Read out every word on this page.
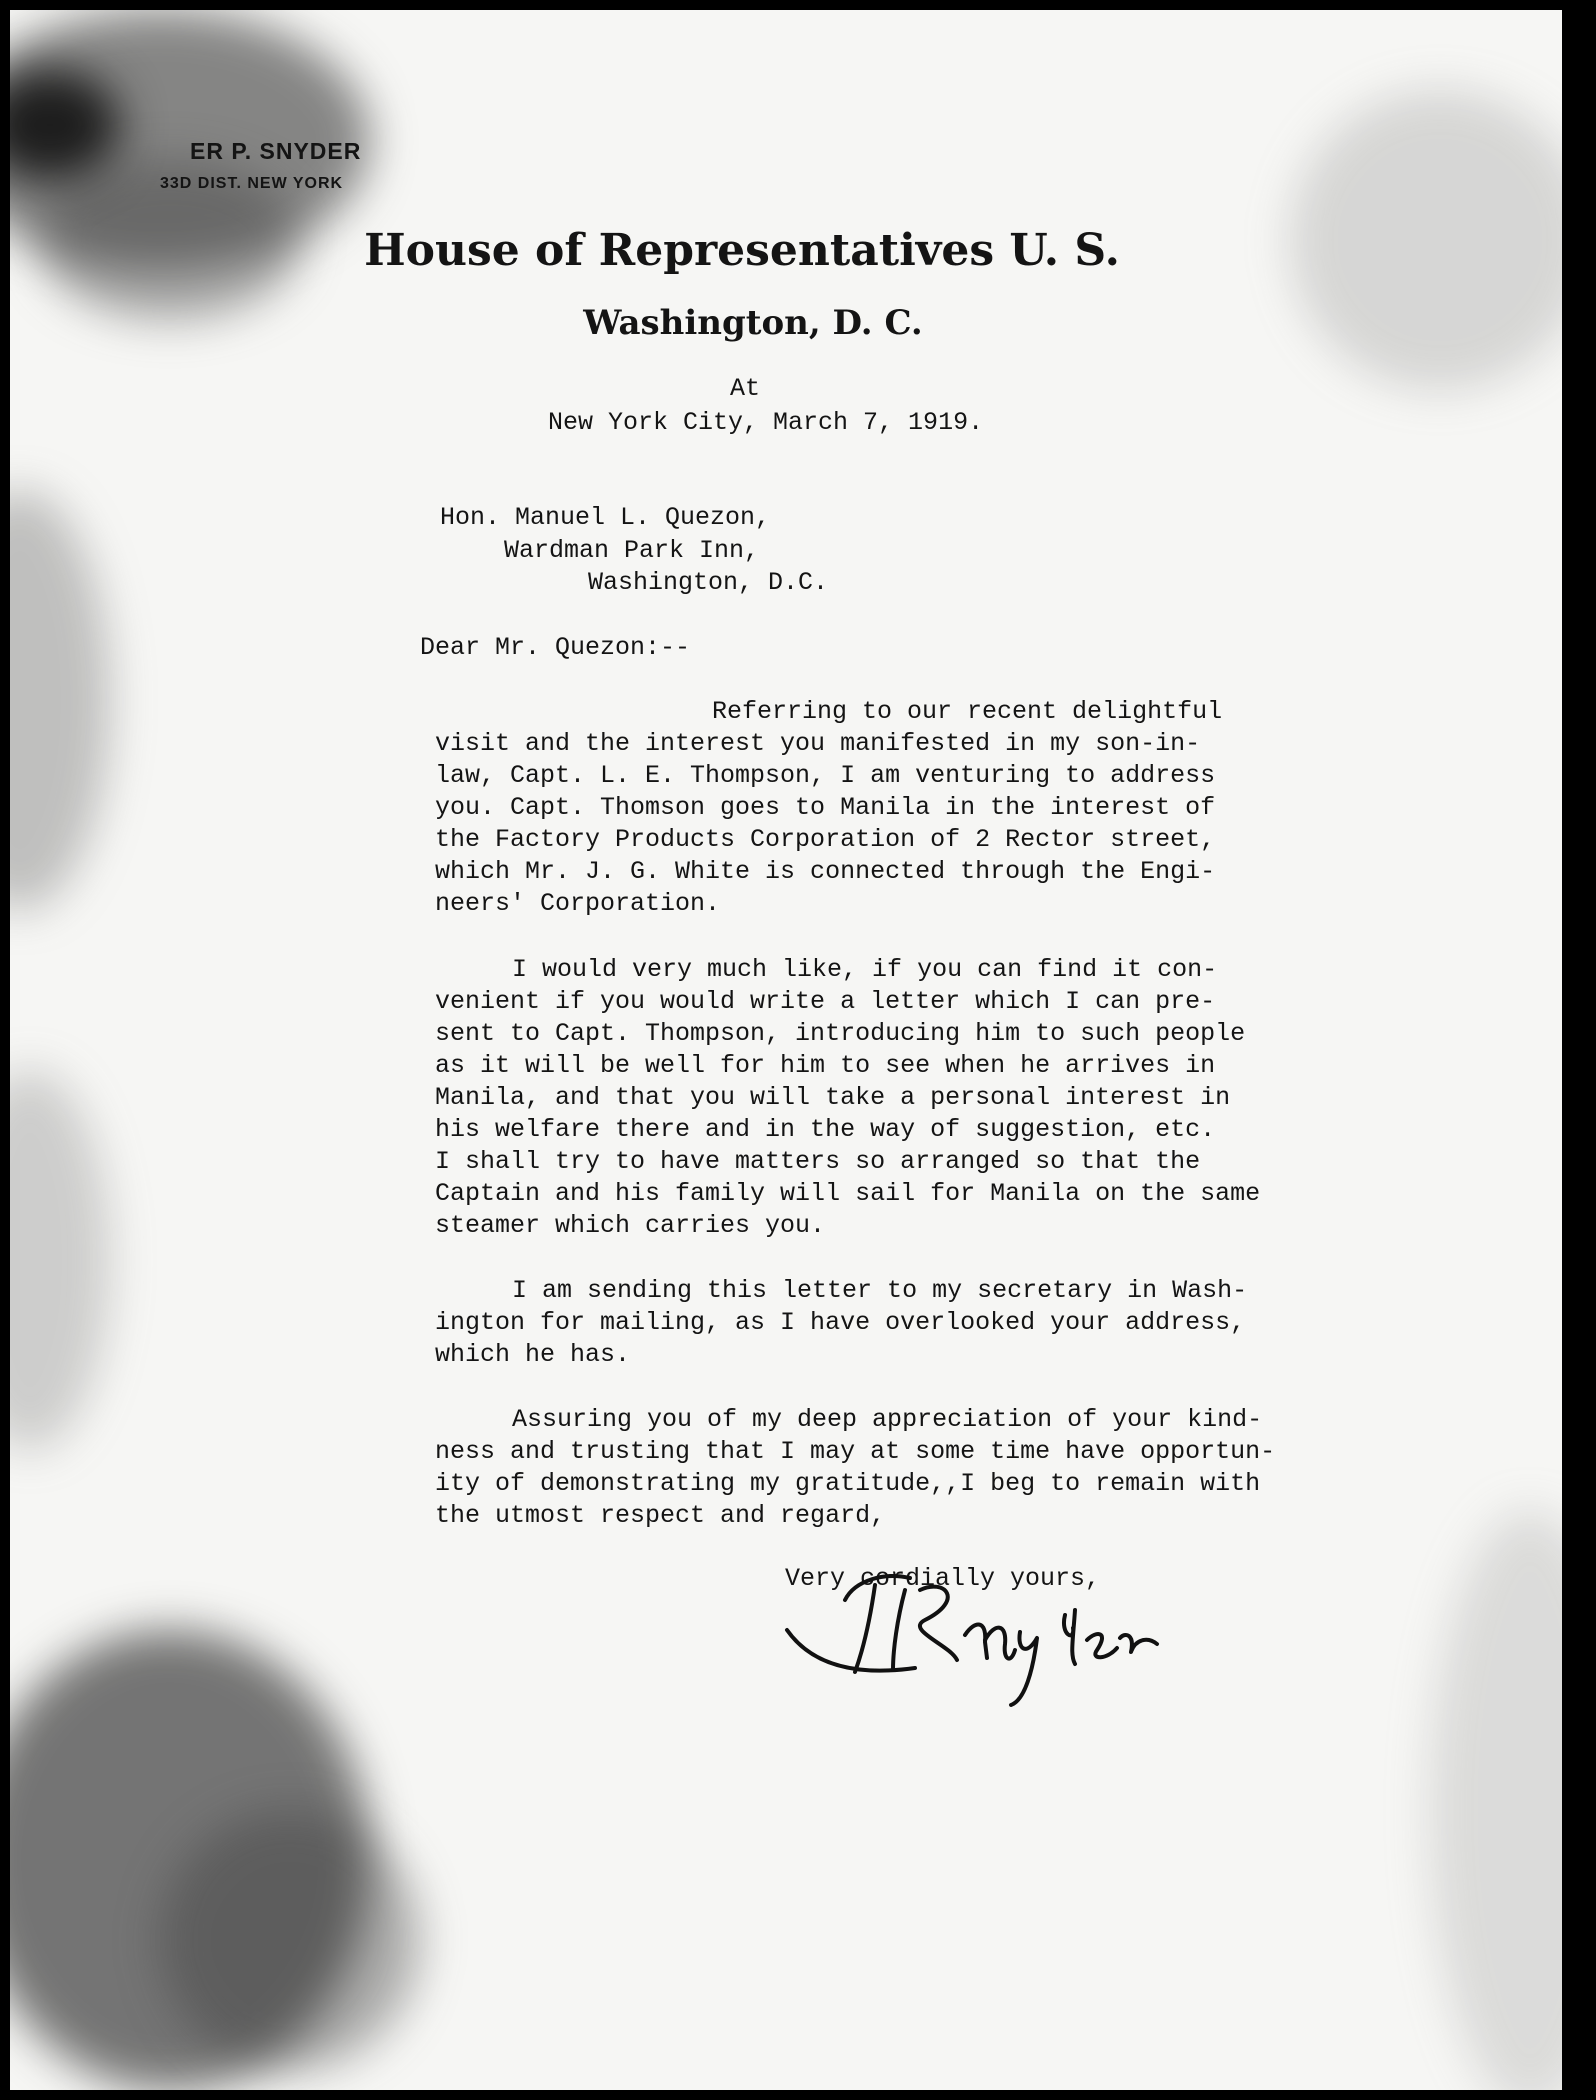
ER P. SNYDER
33D DIST. NEW YORK
House of Representatives U. S.
Washington, D. C.
At
New York City, March 7, 1919.
Hon. Manuel L. Quezon,
Wardman Park Inn,
Washington, D.C.
Dear Mr. Quezon:--
Referring to our recent delightful
visit and the interest you manifested in my son-in-
law, Capt. L. E. Thompson, I am venturing to address
you. Capt. Thomson goes to Manila in the interest of
the Factory Products Corporation of 2 Rector street,
which Mr. J. G. White is connected through the Engi-
neers' Corporation.
I would very much like, if you can find it con-
venient if you would write a letter which I can pre-
sent to Capt. Thompson, introducing him to such people
as it will be well for him to see when he arrives in
Manila, and that you will take a personal interest in
his welfare there and in the way of suggestion, etc.
I shall try to have matters so arranged so that the
Captain and his family will sail for Manila on the same
steamer which carries you.
I am sending this letter to my secretary in Wash-
ington for mailing, as I have overlooked your address,
which he has.
Assuring you of my deep appreciation of your kind-
ness and trusting that I may at some time have opportun-
ity of demonstrating my gratitude,,I beg to remain with
the utmost respect and regard,
Very cordially yours,
